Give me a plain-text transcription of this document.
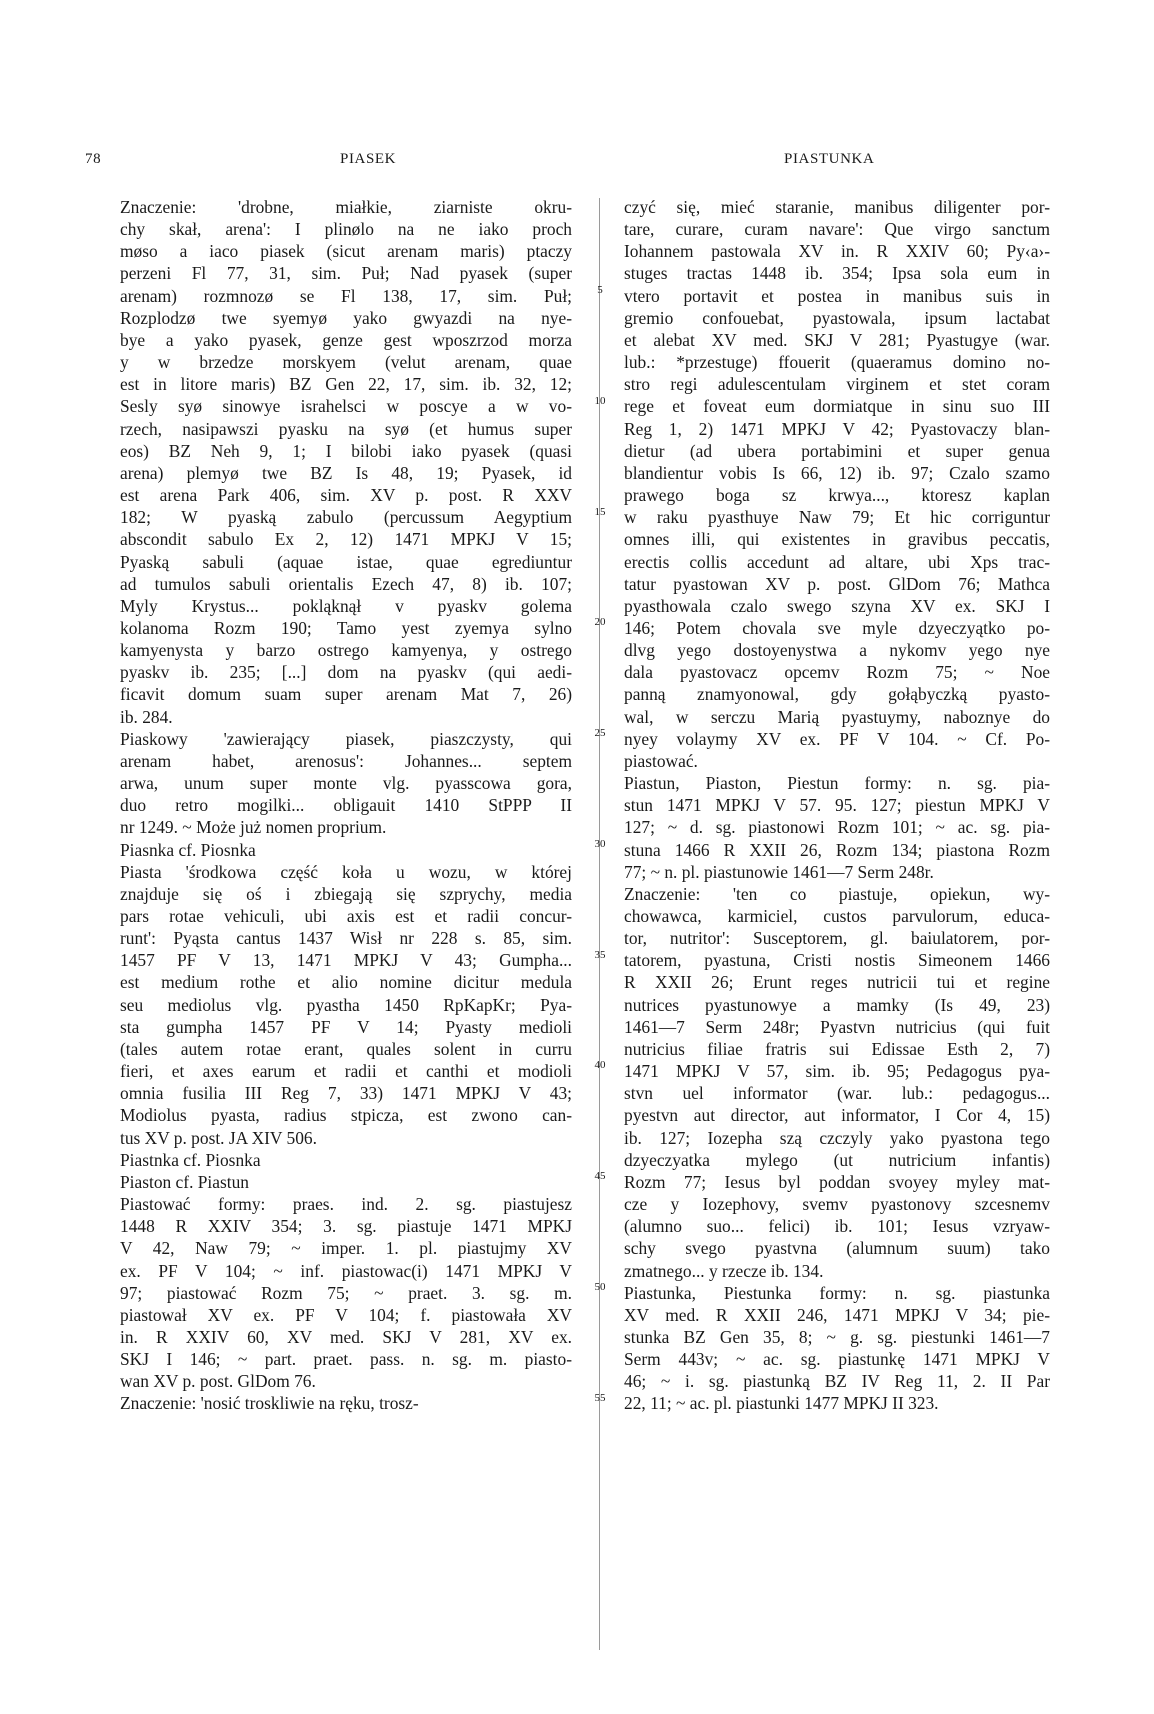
78	PIASEK	PIASTUNKA
5
10
15
20
25
30
35
40
45
50
55
Znaczenie: 'drobne, miałkie, ziarniste okru-
chy skał, arena': I plinølo na ne iako proch
møso a iaco piasek (sicut arenam maris) ptaczy
perzeni Fl 77, 31, sim. Puł; Nad pyasek (super
arenam) rozmnozø se Fl 138, 17, sim. Puł;
Rozplodzø twe syemyø yako gwyazdi na nye-
bye a yako pyasek, genze gest wposzrzod morza
y w brzedze morskyem (velut arenam, quae
est in litore maris) BZ Gen 22, 17, sim. ib. 32, 12;
Sesly syø sinowye israhelsci w poscye a w vo-
rzech, nasipawszi pyasku na syø (et humus super
eos) BZ Neh 9, 1; I bilobi iako pyasek (quasi
arena) plemyø twe BZ Is 48, 19; Pyasek, id
est arena Park 406, sim. XV p. post. R XXV
182; W pyaską zabulo (percussum Aegyptium
abscondit sabulo Ex 2, 12) 1471 MPKJ V 15;
Pyaską sabuli (aquae istae, quae egrediuntur
ad tumulos sabuli orientalis Ezech 47, 8) ib. 107;
Myly Krystus... pokląknął v pyaskv golema
kolanoma Rozm 190; Tamo yest zyemya sylno
kamyenysta y barzo ostrego kamyenya, y ostrego
pyaskv ib. 235; [...] dom na pyaskv (qui aedi-
ficavit domum suam super arenam Mat 7, 26)
ib. 284.
Piaskowy 'zawierający piasek, piaszczysty, qui
arenam habet, arenosus': Johannes... septem
arwa, unum super monte vlg. pyasscowa gora,
duo retro mogilki... obligauit 1410 StPPP II
nr 1249. ~ Może już nomen proprium.
Piasnka cf. Piosnka
Piasta 'środkowa część koła u wozu, w której
znajduje się oś i zbiegają się szprychy, media
pars rotae vehiculi, ubi axis est et radii concur-
runt': Pyąsta cantus 1437 Wisł nr 228 s. 85, sim.
1457 PF V 13, 1471 MPKJ V 43; Gumpha...
est medium rothe et alio nomine dicitur medula
seu mediolus vlg. pyastha 1450 RpKapKr; Pya-
sta gumpha 1457 PF V 14; Pyasty medioli
(tales autem rotae erant, quales solent in curru
fieri, et axes earum et radii et canthi et modioli
omnia fusilia III Reg 7, 33) 1471 MPKJ V 43;
Modiolus pyasta, radius stpicza, est zwono can-
tus XV p. post. JA XIV 506.
Piastnka cf. Piosnka
Piaston cf. Piastun
Piastować formy: praes. ind. 2. sg. piastujesz
1448 R XXIV 354; 3. sg. piastuje 1471 MPKJ
V 42, Naw 79; ~ imper. 1. pl. piastujmy XV
ex. PF V 104; ~ inf. piastowac(i) 1471 MPKJ V
97; piastować Rozm 75; ~ praet. 3. sg. m.
piastował XV ex. PF V 104; f. piastowała XV
in. R XXIV 60, XV med. SKJ V 281, XV ex.
SKJ I 146; ~ part. praet. pass. n. sg. m. piasto-
wan XV p. post. GlDom 76.
Znaczenie: 'nosić troskliwie na ręku, trosz-
czyć się, mieć staranie, manibus diligenter por-
tare, curare, curam navare': Que virgo sanctum
Iohannem pastowala XV in. R XXIV 60; Py‹a›-
stuges tractas 1448 ib. 354; Ipsa sola eum in
vtero portavit et postea in manibus suis in
gremio confouebat, pyastowala, ipsum lactabat
et alebat XV med. SKJ V 281; Pyastugye (war.
lub.: *przestuge) ffouerit (quaeramus domino no-
stro regi adulescentulam virginem et stet coram
rege et foveat eum dormiatque in sinu suo III
Reg 1, 2) 1471 MPKJ V 42; Pyastovaczy blan-
dietur (ad ubera portabimini et super genua
blandientur vobis Is 66, 12) ib. 97; Czalo szamo
prawego boga sz krwya..., ktoresz kaplan
w raku pyasthuye Naw 79; Et hic corriguntur
omnes illi, qui existentes in gravibus peccatis,
erectis collis accedunt ad altare, ubi Xps trac-
tatur pyastowan XV p. post. GlDom 76; Mathca
pyasthowala czalo swego szyna XV ex. SKJ I
146; Potem chovala sve myle dzyeczyątko po-
dlvg yego dostoyenystwa a nykomv yego nye
dala pyastovacz opcemv Rozm 75; ~ Noe
panną znamyonowal, gdy gołąbyczką pyasto-
wal, w serczu Marią pyastuymy, naboznye do
nyey volaymy XV ex. PF V 104. ~ Cf. Po-
piastować.
Piastun, Piaston, Piestun formy: n. sg. pia-
stun 1471 MPKJ V 57. 95. 127; piestun MPKJ V
127; ~ d. sg. piastonowi Rozm 101; ~ ac. sg. pia-
stuna 1466 R XXII 26, Rozm 134; piastona Rozm
77; ~ n. pl. piastunowie 1461—7 Serm 248r.
Znaczenie: 'ten co piastuje, opiekun, wy-
chowawca, karmiciel, custos parvulorum, educa-
tor, nutritor': Susceptorem, gl. baiulatorem, por-
tatorem, pyastuna, Cristi nostis Simeonem 1466
R XXII 26; Erunt reges nutricii tui et regine
nutrices pyastunowye a mamky (Is 49, 23)
1461—7 Serm 248r; Pyastvn nutricius (qui fuit
nutricius filiae fratris sui Edissae Esth 2, 7)
1471 MPKJ V 57, sim. ib. 95; Pedagogus pya-
stvn uel informator (war. lub.: pedagogus...
pyestvn aut director, aut informator, I Cor 4, 15)
ib. 127; Iozepha szą czczyly yako pyastona tego
dzyeczyatka mylego (ut nutricium infantis)
Rozm 77; Iesus byl poddan svoyey myley mat-
cze y Iozephovy, svemv pyastonovy szcesnemv
(alumno suo... felici) ib. 101; Iesus vzryaw-
schy svego pyastvna (alumnum suum) tako
zmatnego... y rzecze ib. 134.
Piastunka, Piestunka formy: n. sg. piastunka
XV med. R XXII 246, 1471 MPKJ V 34; pie-
stunka BZ Gen 35, 8; ~ g. sg. piestunki 1461—7
Serm 443v; ~ ac. sg. piastunkę 1471 MPKJ V
46; ~ i. sg. piastunką BZ IV Reg 11, 2. II Par
22, 11; ~ ac. pl. piastunki 1477 MPKJ II 323.
